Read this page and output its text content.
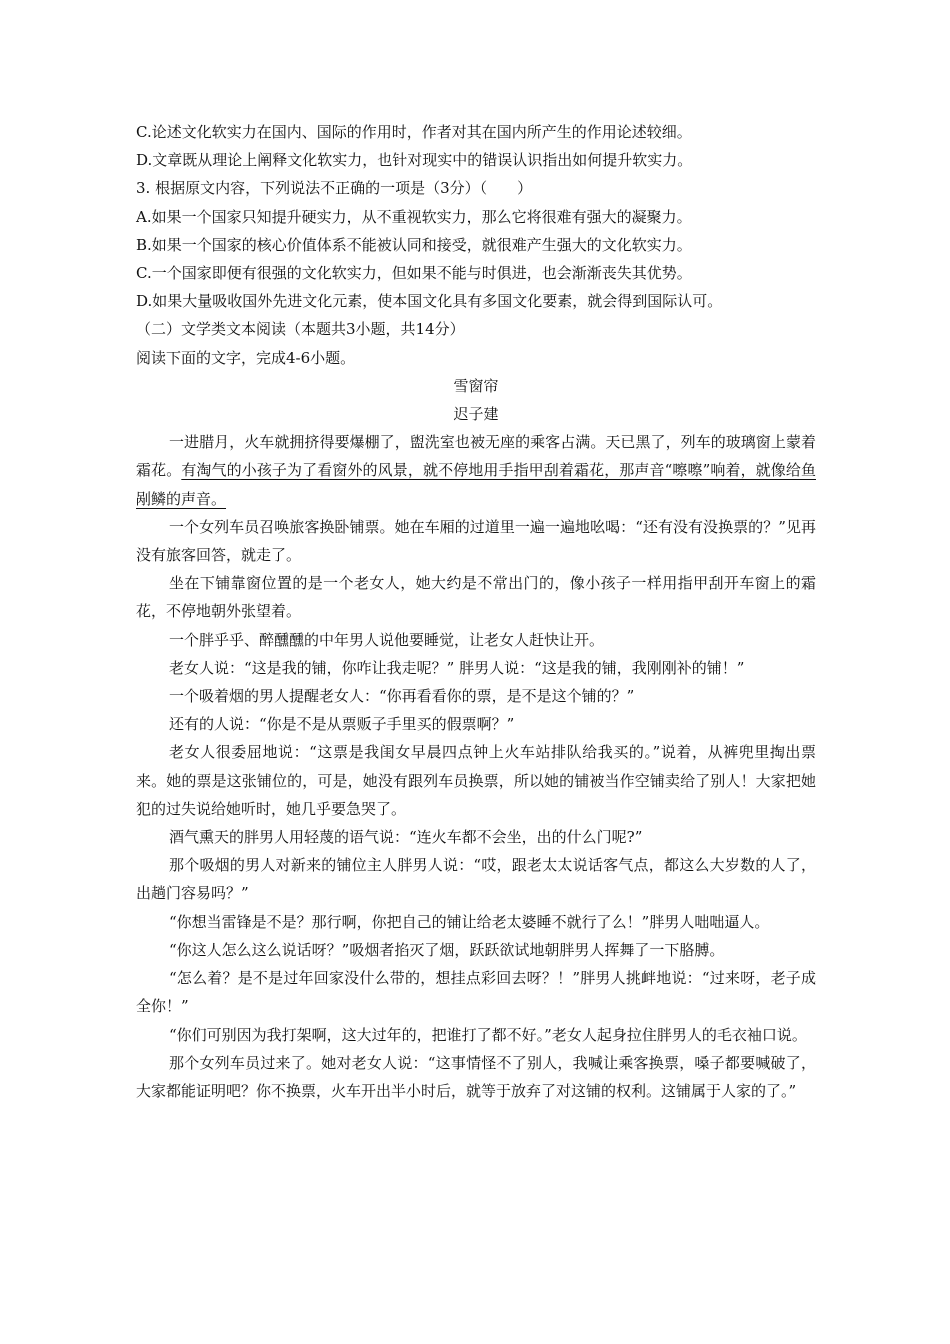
C.论述文化软实力在国内、国际的作用时，作者对其在国内所产生的作用论述较细。

D.文章既从理论上阐释文化软实力，也针对现实中的错误认识指出如何提升软实力。

3. 根据原文内容，下列说法不正确的一项是（3分）（　　）

A.如果一个国家只知提升硬实力，从不重视软实力，那么它将很难有强大的凝聚力。

B.如果一个国家的核心价值体系不能被认同和接受，就很难产生强大的文化软实力。

C.一个国家即便有很强的文化软实力，但如果不能与时俱进，也会渐渐丧失其优势。

D.如果大量吸收国外先进文化元素，使本国文化具有多国文化要素，就会得到国际认可。

（二）文学类文本阅读（本题共3小题，共14分）

阅读下面的文字，完成4-6小题。

雪窗帘

迟子建

一进腊月，火车就拥挤得要爆棚了，盥洗室也被无座的乘客占满。天已黑了，列车的玻璃窗上蒙着霜花。有淘气的小孩子为了看窗外的风景，就不停地用手指甲刮着霜花，那声音“嚓嚓”响着，就像给鱼剐鳞的声音。

一个女列车员召唤旅客换卧铺票。她在车厢的过道里一遍一遍地吆喝：“还有没有没换票的？”见再没有旅客回答，就走了。

坐在下铺靠窗位置的是一个老女人，她大约是不常出门的，像小孩子一样用指甲刮开车窗上的霜花，不停地朝外张望着。

一个胖乎乎、醉醺醺的中年男人说他要睡觉，让老女人赶快让开。

老女人说：“这是我的铺，你咋让我走呢？” 胖男人说：“这是我的铺，我刚刚补的铺！”

一个吸着烟的男人提醒老女人：“你再看看你的票，是不是这个铺的？”

还有的人说：“你是不是从票贩子手里买的假票啊？”

老女人很委屈地说：“这票是我闺女早晨四点钟上火车站排队给我买的。”说着，从裤兜里掏出票来。她的票是这张铺位的，可是，她没有跟列车员换票，所以她的铺被当作空铺卖给了别人！大家把她犯的过失说给她听时，她几乎要急哭了。

酒气熏天的胖男人用轻蔑的语气说：“连火车都不会坐，出的什么门呢?”

那个吸烟的男人对新来的铺位主人胖男人说：“哎，跟老太太说话客气点，都这么大岁数的人了，出趟门容易吗？”

“你想当雷锋是不是？那行啊，你把自己的铺让给老太婆睡不就行了么！”胖男人咄咄逼人。

“你这人怎么这么说话呀？”吸烟者掐灭了烟，跃跃欲试地朝胖男人挥舞了一下胳膊。

“怎么着？是不是过年回家没什么带的，想挂点彩回去呀？！”胖男人挑衅地说：“过来呀，老子成全你！”

“你们可别因为我打架啊，这大过年的，把谁打了都不好。”老女人起身拉住胖男人的毛衣袖口说。

那个女列车员过来了。她对老女人说：“这事情怪不了别人，我喊让乘客换票，嗓子都要喊破了，大家都能证明吧？你不换票，火车开出半小时后，就等于放弃了对这铺的权利。这铺属于人家的了。”
